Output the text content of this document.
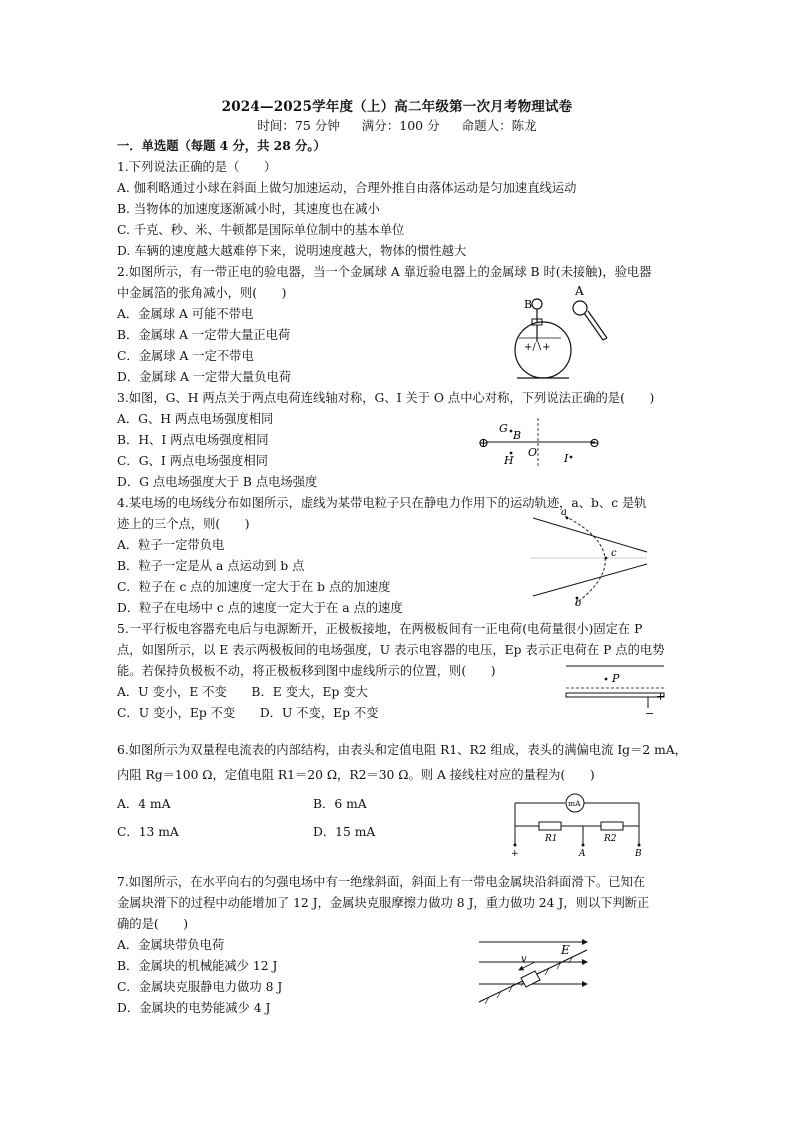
2024—2025学年度（上）高二年级第一次月考物理试卷
时间：75 分钟 满分：100 分 命题人：陈龙
一．单选题（每题 4 分，共 28 分。）
1.下列说法正确的是（　　）
A. 伽利略通过小球在斜面上做匀加速运动，合理外推自由落体运动是匀加速直线运动
B. 当物体的加速度逐渐减小时，其速度也在减小
C. 千克、秒、米、牛顿都是国际单位制中的基本单位
D. 车辆的速度越大越难停下来，说明速度越大，物体的惯性越大
2.如图所示，有一带正电的验电器，当一个金属球 A 靠近验电器上的金属球 B 时(未接触)，验电器
中金属箔的张角减小，则(　　)
A．金属球 A 可能不带电
B．金属球 A 一定带大量正电荷
C．金属球 A 一定不带电
D．金属球 A 一定带大量负电荷
B
+∕∖+
A
3.如图，G、H 两点关于两点电荷连线轴对称，G、I 关于 O 点中心对称，下列说法正确的是(　　)
A．G、H 两点电场强度相同
B．H、I 两点电场强度相同
C．G、I 两点电场强度相同
D．G 点电场强度大于 B 点电场强度
⊕	⊖
G
B
H
O I
4.某电场的电场线分布如图所示，虚线为某带电粒子只在静电力作用下的运动轨迹，a、b、c 是轨
迹上的三个点，则(　　)
A．粒子一定带负电
B．粒子一定是从 a 点运动到 b 点
C．粒子在 c 点的加速度一定大于在 b 点的加速度
D．粒子在电场中 c 点的速度一定大于在 a 点的速度
a
c
b
5.一平行板电容器充电后与电源断开，正极板接地，在两极板间有一正电荷(电荷量很小)固定在 P
点，如图所示，以 E 表示两极板间的电场强度，U 表示电容器的电压，Ep 表示正电荷在 P 点的电势
能。若保持负极板不动，将正极板移到图中虚线所示的位置，则(　　)
A．U 变小，E 不变　　B．E 变大，Ep 变大
C．U 变小，Ep 不变　　D．U 不变，Ep 不变
P
+
−
6.如图所示为双量程电流表的内部结构，由表头和定值电阻 R1、R2 组成，表头的满偏电流 Ig＝2 mA，
内阻 Rg＝100 Ω，定值电阻 R1＝20 Ω，R2＝30 Ω。则 A 接线柱对应的量程为(　　)
A．4 mA	B．6 mA
C．13 mA	D．15 mA
mA
R1	R2
+	A	B
7.如图所示，在水平向右的匀强电场中有一绝缘斜面，斜面上有一带电金属块沿斜面滑下。已知在
金属块滑下的过程中动能增加了 12 J，金属块克服摩擦力做功 8 J，重力做功 24 J，则以下判断正
确的是(　　)
A．金属块带负电荷
B．金属块的机械能减少 12 J
C．金属块克服静电力做功 8 J
D．金属块的电势能减少 4 J
E
v
